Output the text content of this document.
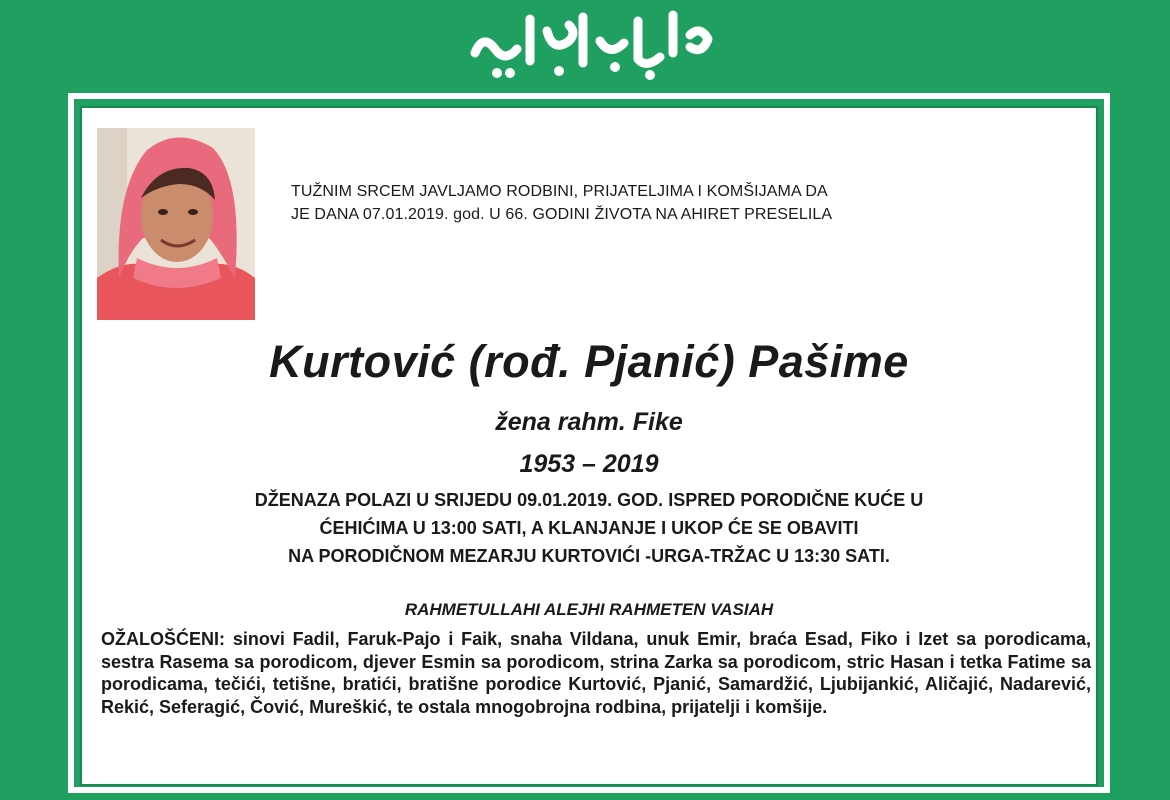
TUŽNIM SRCEM JAVLJAMO RODBINI, PRIJATELJIMA I KOMŠIJAMA DA
JE DANA 07.01.2019. god. U 66. GODINI ŽIVOTA NA AHIRET PRESELILA

Kurtović (rođ. Pjanić) Pašime

žena rahm. Fike

1953 – 2019

DŽENAZA POLAZI U SRIJEDU 09.01.2019. GOD. ISPRED PORODIČNE KUĆE U
ĆEHIĆIMA U 13:00 SATI, A KLANJANJE I UKOP ĆE SE OBAVITI
NA PORODIČNOM MEZARJU KURTOVIĆI -URGA-TRŽAC U 13:30 SATI.

RAHMETULLAHI ALEJHI RAHMETEN VASIAH

OŽALOŠĆENI: sinovi Fadil, Faruk-Pajo i Faik, snaha Vildana, unuk Emir, braća Esad, Fiko i Izet sa porodicama, sestra Rasema sa porodicom, djever Esmin sa porodicom, strina Zarka sa porodicom, stric Hasan i tetka Fatime sa porodicama, tečići, tetišne, bratići, bratišne porodice Kurtović, Pjanić, Samardžić, Ljubijankić, Aličajić, Nadarević, Rekić, Seferagić, Čović, Mureškić, te ostala mnogobrojna rodbina, prijatelji i komšije.
